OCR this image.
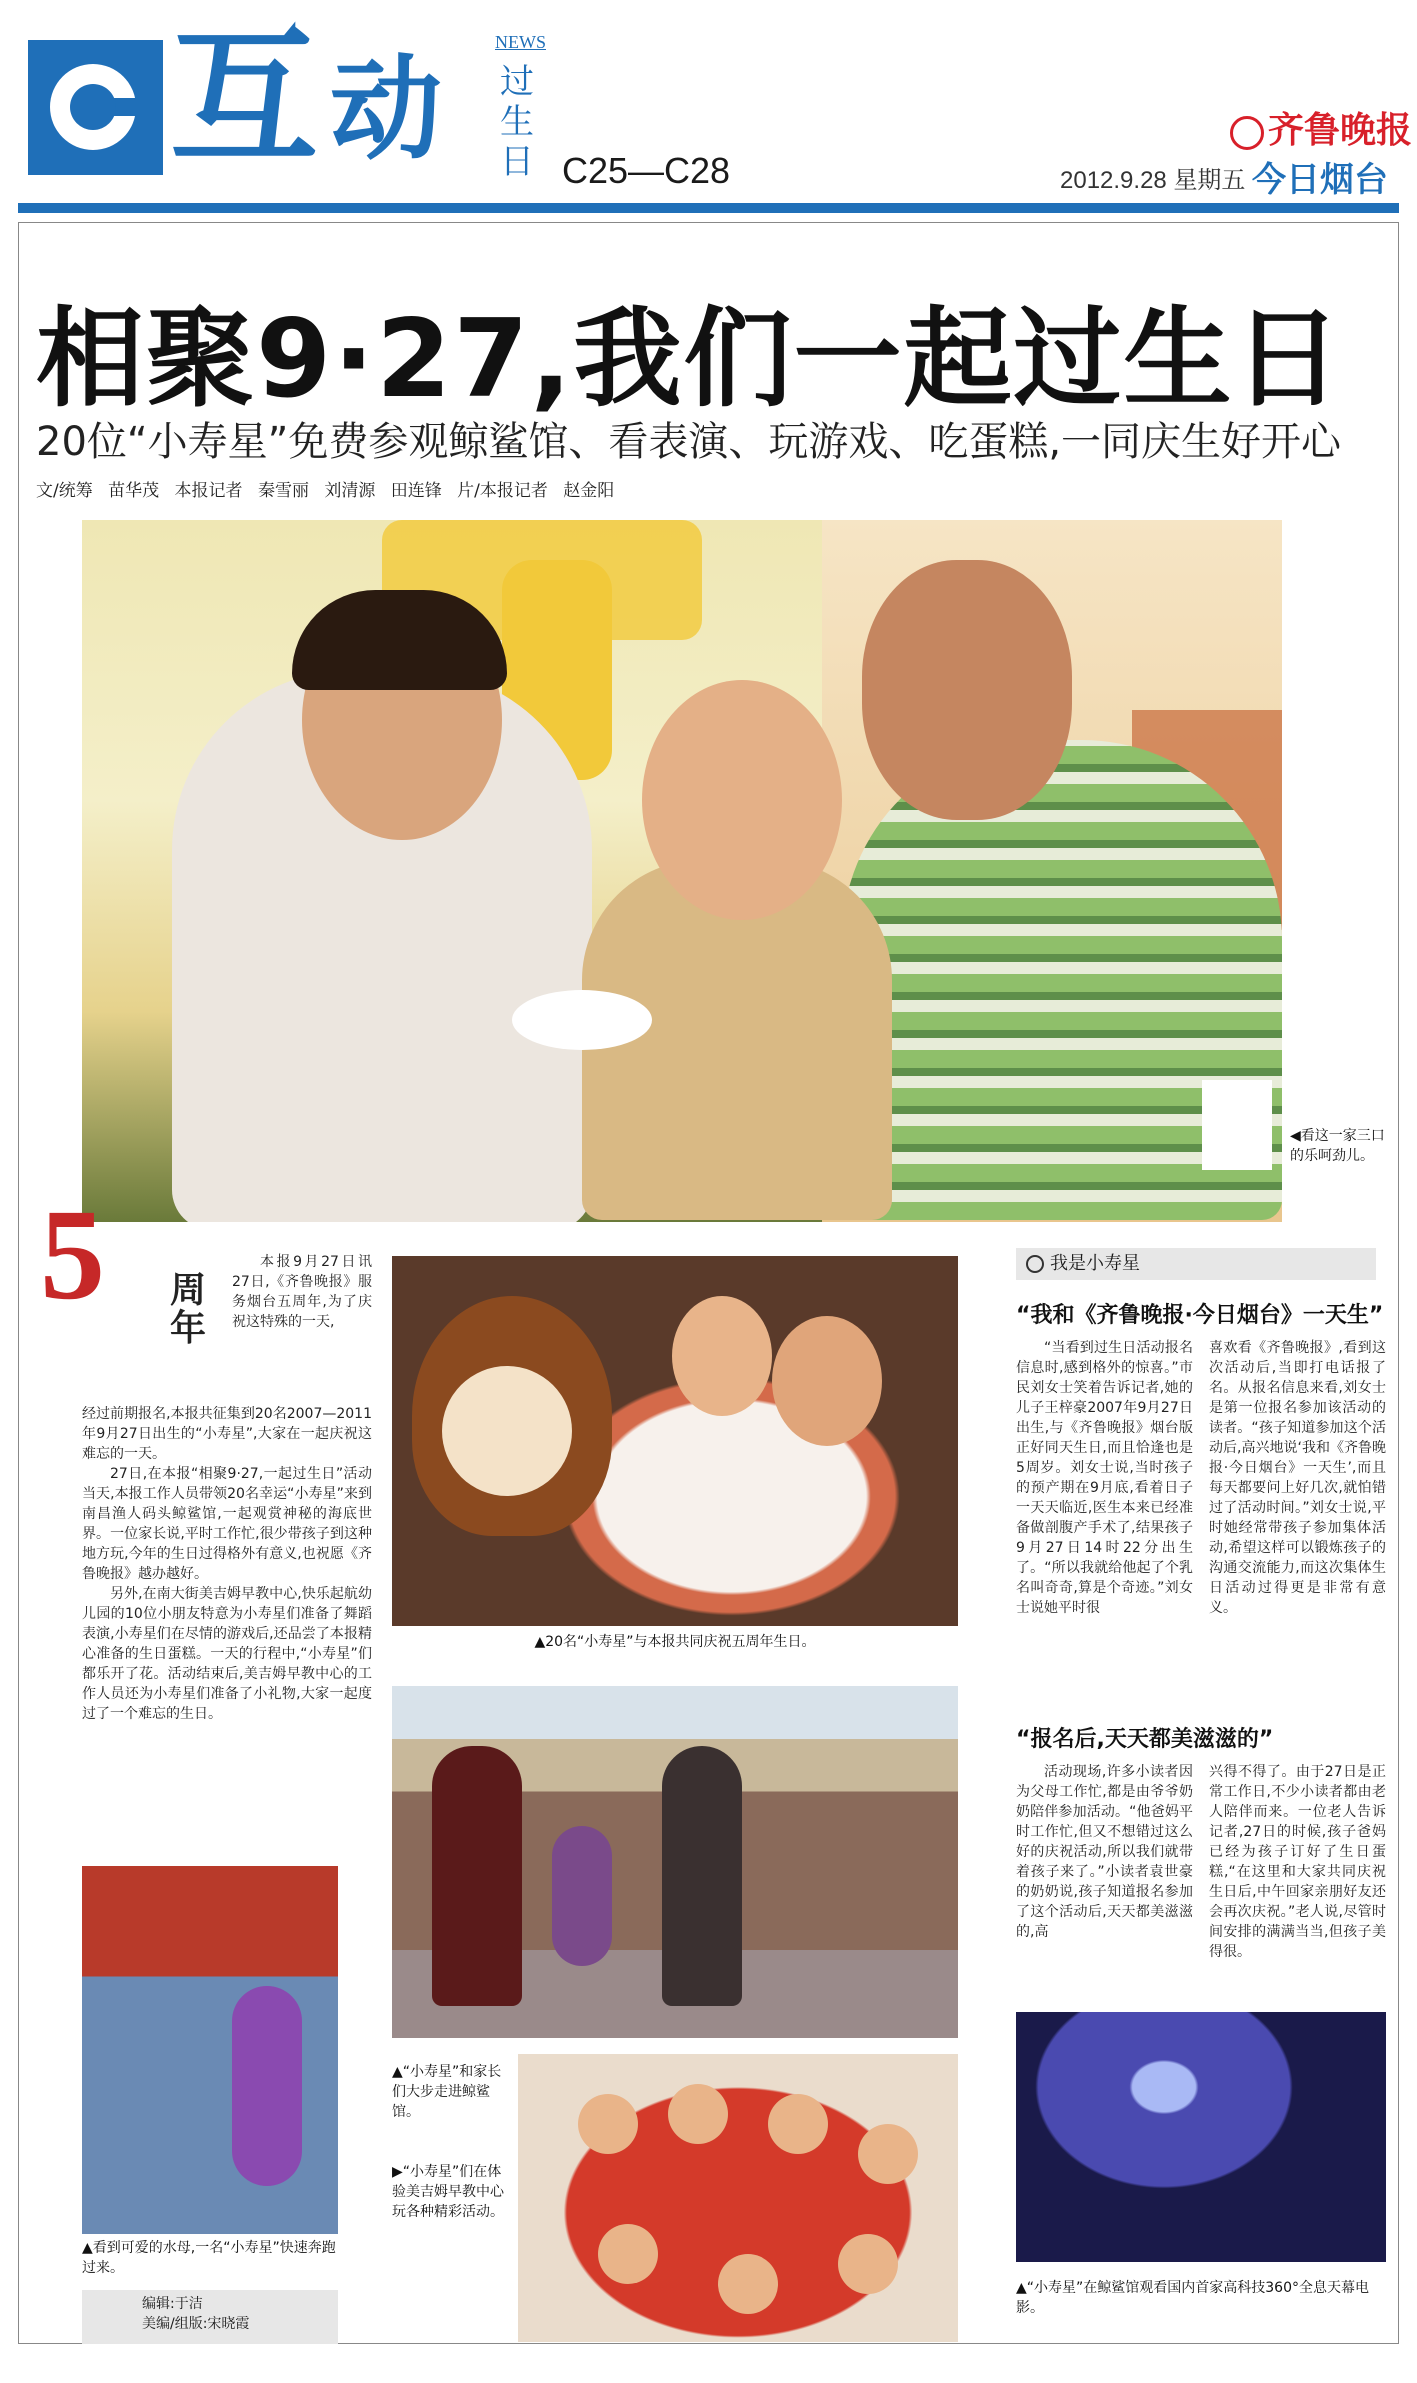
互 动
NEWS
过生日 C25—C28
齐鲁晚报
2012.9.28 星期五 今日烟台
相聚9·27,我们一起过生日
20位“小寿星”免费参观鲸鲨馆、看表演、玩游戏、吃蛋糕,一同庆生好开心
文/统筹 苗华茂 本报记者 秦雪丽 刘清源 田连锋 片/本报记者 赵金阳
◀看这一家三口的乐呵劲儿。
5 周
年

本报9月27日讯 27日,《齐鲁晚报》服务烟台五周年,为了庆祝这特殊的一天,

经过前期报名,本报共征集到20名2007—2011年9月27日出生的“小寿星”,大家在一起庆祝这难忘的一天。

27日,在本报“相聚9·27,一起过生日”活动当天,本报工作人员带领20名幸运“小寿星”来到南昌渔人码头鲸鲨馆,一起观赏神秘的海底世界。一位家长说,平时工作忙,很少带孩子到这种地方玩,今年的生日过得格外有意义,也祝愿《齐鲁晚报》越办越好。

另外,在南大街美吉姆早教中心,快乐起航幼儿园的10位小朋友特意为小寿星们准备了舞蹈表演,小寿星们在尽情的游戏后,还品尝了本报精心准备的生日蛋糕。一天的行程中,“小寿星”们都乐开了花。活动结束后,美吉姆早教中心的工作人员还为小寿星们准备了小礼物,大家一起度过了一个难忘的生日。

▲20名“小寿星”与本报共同庆祝五周年生日。
▲“小寿星”和家长们大步走进鲸鲨馆。
▶“小寿星”们在体验美吉姆早教中心玩各种精彩活动。
▲看到可爱的水母,一名“小寿星”快速奔跑过来。
编辑:于洁
美编/组版:宋晓霞
我是小寿星
“我和《齐鲁晚报·今日烟台》一天生”

“当看到过生日活动报名信息时,感到格外的惊喜。”市民刘女士笑着告诉记者,她的儿子王梓豪2007年9月27日出生,与《齐鲁晚报》烟台版正好同天生日,而且恰逢也是5周岁。刘女士说,当时孩子的预产期在9月底,看着日子一天天临近,医生本来已经准备做剖腹产手术了,结果孩子9月27日14时22分出生了。“所以我就给他起了个乳名叫奇奇,算是个奇迹。”刘女士说她平时很

喜欢看《齐鲁晚报》,看到这次活动后,当即打电话报了名。从报名信息来看,刘女士是第一位报名参加该活动的读者。“孩子知道参加这个活动后,高兴地说‘我和《齐鲁晚报·今日烟台》一天生’,而且每天都要问上好几次,就怕错过了活动时间。”刘女士说,平时她经常带孩子参加集体活动,希望这样可以锻炼孩子的沟通交流能力,而这次集体生日活动过得更是非常有意义。

“报名后,天天都美滋滋的”

活动现场,许多小读者因为父母工作忙,都是由爷爷奶奶陪伴参加活动。“他爸妈平时工作忙,但又不想错过这么好的庆祝活动,所以我们就带着孩子来了。”小读者袁世豪的奶奶说,孩子知道报名参加了这个活动后,天天都美滋滋的,高

兴得不得了。由于27日是正常工作日,不少小读者都由老人陪伴而来。一位老人告诉记者,27日的时候,孩子爸妈已经为孩子订好了生日蛋糕,“在这里和大家共同庆祝生日后,中午回家亲朋好友还会再次庆祝。”老人说,尽管时间安排的满满当当,但孩子美得很。

▲“小寿星”在鲸鲨馆观看国内首家高科技360°全息天幕电影。
